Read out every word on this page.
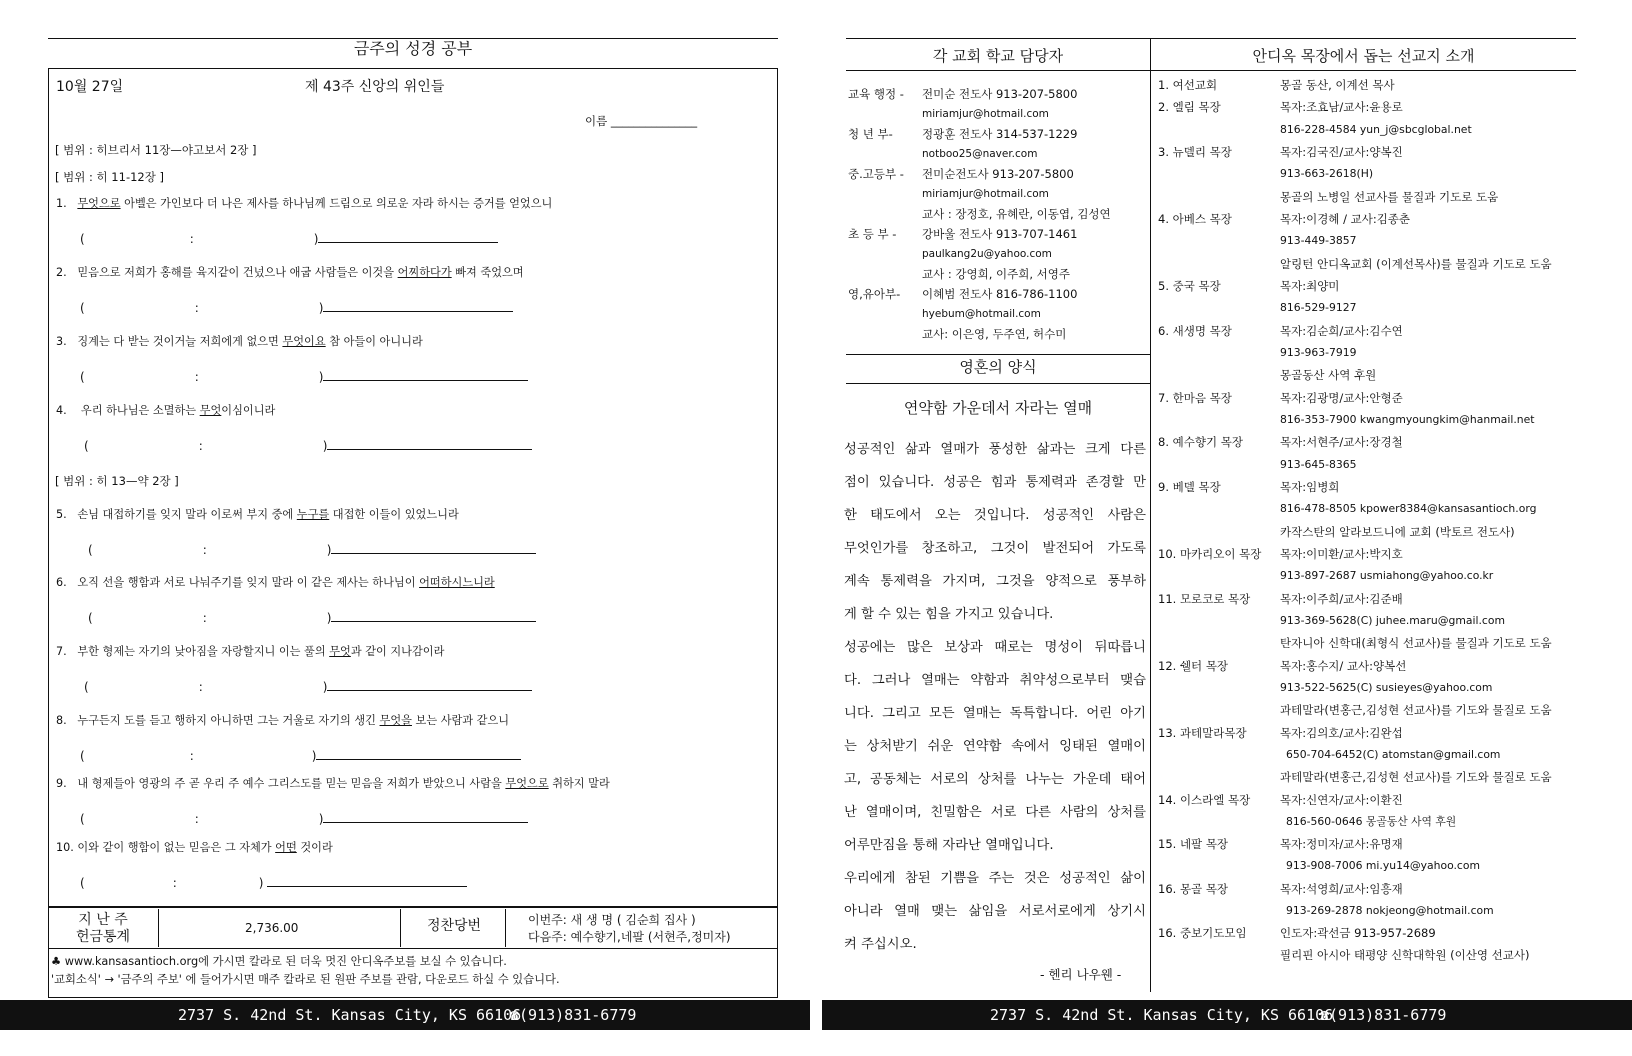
금주의 성경 공부
10월 27일	제 43주 신앙의 위인들
이름 _______________
[ 범위 : 히브리서 11장—야고보서 2장 ]
[ 범위 : 히 11-12장 ]
1. 무엇으로 아벨은 가인보다 더 나은 제사를 하나님께 드림으로 의로운 자라 하시는 증거를 얻었으니
(	:	)
2. 믿음으로 저희가 홍해를 육지같이 건넜으나 애굽 사람들은 이것을 어찌하다가 빠져 죽었으며
(	:	)
3. 징계는 다 받는 것이거늘 저희에게 없으면 무엇이요 참 아들이 아니니라
(	:	)
4. 우리 하나님은 소멸하는 무엇이심이니라
(	:	)
[ 범위 : 히 13—약 2장 ]
5. 손님 대접하기를 잊지 말라 이로써 부지 중에 누구를 대접한 이들이 있었느니라
(	:	)
6. 오직 선을 행함과 서로 나눠주기를 잊지 말라 이 같은 제사는 하나님이 어떠하시느니라
(	:	)
7. 부한 형제는 자기의 낮아짐을 자랑할지니 이는 풀의 무엇과 같이 지나감이라
(	:	)
8. 누구든지 도를 듣고 행하지 아니하면 그는 거울로 자기의 생긴 무엇을 보는 사람과 같으니
(	:	)
9. 내 형제들아 영광의 주 곧 우리 주 예수 그리스도를 믿는 믿음을 저희가 받았으니 사람을 무엇으로 취하지 말라
(	:	)
10. 이와 같이 행함이 없는 믿음은 그 자체가 어떤 것이라
(	:	)
지 난 주
헌금통계
2,736.00	정찬당번	이번주: 새 생 명 ( 김순희 집사 )
다음주: 예수향기,네팔 (서현주,정미자)
♣ www.kansasantioch.org에 가시면 칼라로 된 더욱 멋진 안디옥주보를 보실 수 있습니다.
'교회소식' → '금주의 주보' 에 들어가시면 매주 칼라로 된 원판 주보를 관람, 다운로드 하실 수 있습니다.
2737 S. 42nd St. Kansas City, KS 66106
☎(913)831-6779	2737 S. 42nd St. Kansas City, KS 66106
☎(913)831-6779
각 교회 학교 담당자	안디옥 목장에서 돕는 선교지 소개
교육 행정 - 전미순 전도사 913-207-5800
miriamjur@hotmail.com
청 년 부-	정광훈 전도사 314-537-1229
notboo25@naver.com
중.고등부 - 전미순전도사 913-207-5800
miriamjur@hotmail.com
교사 : 장정호, 유혜란, 이동엽, 김성연
초 등 부 - 강바울 전도사 913-707-1461
paulkang2u@yahoo.com
교사 : 강영희, 이주희, 서영주
영,유아부- 이혜범 전도사 816-786-1100
hyebum@hotmail.com
교사: 이은영, 두주연, 허수미
영혼의 양식
연약함 가운데서 자라는 열매
성공적인 삶과 열매가 풍성한 삶과는 크게 다른
점이 있습니다. 성공은 힘과 통제력과 존경할 만
한 태도에서 오는 것입니다. 성공적인 사람은
무엇인가를 창조하고, 그것이 발전되어 가도록
계속 통제력을 가지며, 그것을 양적으로 풍부하
게 할 수 있는 힘을 가지고 있습니다.
성공에는 많은 보상과 때로는 명성이 뒤따릅니
다. 그러나 열매는 약함과 취약성으로부터 맺습
니다. 그리고 모든 열매는 독특합니다. 어린 아기
는 상처받기 쉬운 연약함 속에서 잉태된 열매이
고, 공동체는 서로의 상처를 나누는 가운데 태어
난 열매이며, 친밀함은 서로 다른 사람의 상처를
어루만짐을 통해 자라난 열매입니다.
우리에게 참된 기쁨을 주는 것은 성공적인 삶이
아니라 열매 맺는 삶임을 서로서로에게 상기시
켜 주십시오.
- 헨리 나우웬 -
1. 여선교회	몽골 동산, 이계선 목사
2. 엘림 목장	목자:조효남/교사:윤용로
816-228-4584 yun_j@sbcglobal.net
3. 뉴델리 목장	목자:김국진/교사:양복진
913-663-2618(H)
몽골의 노병일 선교사를 물질과 기도로 도움
4. 아베스 목장	목자:이경혜 / 교사:김종춘
913-449-3857
알링턴 안디옥교회 (이계선목사)를 물질과 기도로 도움
5. 중국 목장	목자:최양미
816-529-9127
6. 새생명 목장	목자:김순희/교사:김수연
913-963-7919
몽골동산 사역 후원
7. 한마음 목장	목자:김광명/교사:안형준
816-353-7900 kwangmyoungkim@hanmail.net
8. 예수향기 목장	목자:서현주/교사:장경철
913-645-8365
9. 베델 목장	목자:임병희
816-478-8505 kpower8384@kansasantioch.org
카작스탄의 알라보드니에 교회 (박토르 전도사)
10. 마카리오이 목장 목자:이미환/교사:박지호
913-897-2687 usmiahong@yahoo.co.kr
11. 모로코로 목장	목자:이주희/교사:김준배
913-369-5628(C) juhee.maru@gmail.com
탄자니아 신학대(최형식 선교사)를 물질과 기도로 도움
12. 쉘터 목장	목자:홍수지/ 교사:양복선
913-522-5625(C) susieyes@yahoo.com
과테말라(변홍근,김성현 선교사)를 기도와 물질로 도움
13. 과테말라목장	목자:김의호/교사:김완섭
650-704-6452(C) atomstan@gmail.com
과테말라(변홍근,김성현 선교사)를 기도와 물질로 도움
14. 이스라엘 목장	목자:신연자/교사:이환진
816-560-0646 몽골동산 사역 후원
15. 네팔 목장	목자:정미자/교사:유명재
913-908-7006 mi.yu14@yahoo.com
16. 몽골 목장	목자:석영희/교사:임흥재
913-269-2878 nokjeong@hotmail.com
16. 중보기도모임	인도자:곽선금 913-957-2689
필리핀 아시아 태평양 신학대학원 (이산영 선교사)
